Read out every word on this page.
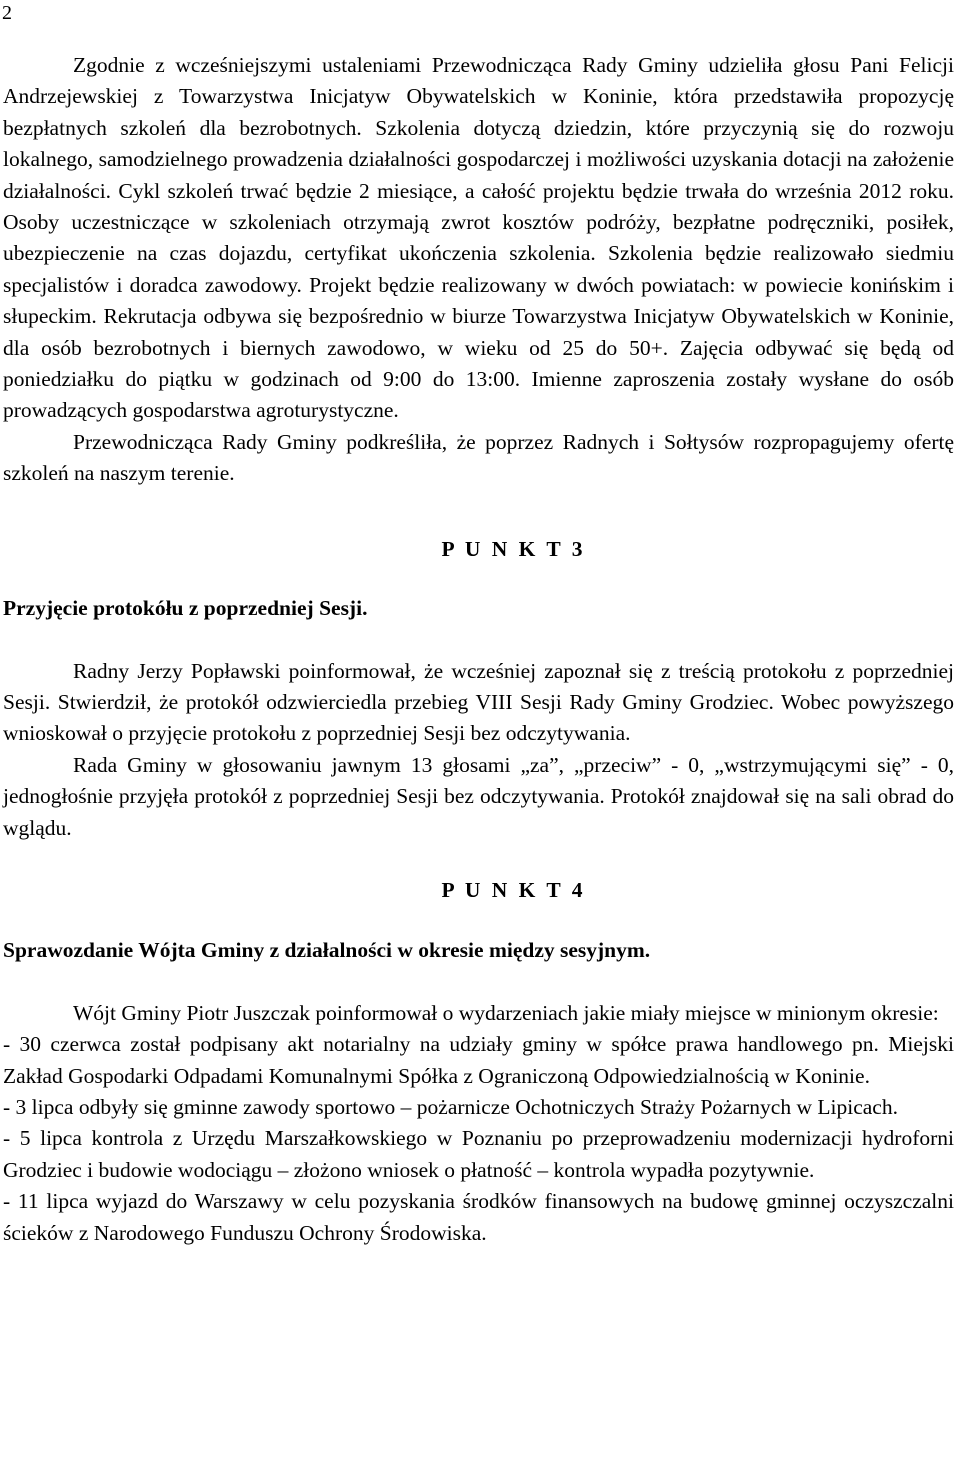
2

Zgodnie z wcześniejszymi ustaleniami Przewodnicząca Rady Gminy udzieliła głosu Pani Felicji Andrzejewskiej z Towarzystwa Inicjatyw Obywatelskich w Koninie, która przedstawiła propozycję bezpłatnych szkoleń dla bezrobotnych. Szkolenia dotyczą dziedzin, które przyczynią się do rozwoju lokalnego, samodzielnego prowadzenia działalności gospodarczej i możliwości uzyskania dotacji na założenie działalności. Cykl szkoleń trwać będzie 2 miesiące, a całość projektu będzie trwała do września 2012 roku. Osoby uczestniczące w szkoleniach otrzymają zwrot kosztów podróży, bezpłatne podręczniki, posiłek, ubezpieczenie na czas dojazdu, certyfikat ukończenia szkolenia. Szkolenia będzie realizowało siedmiu specjalistów i doradca zawodowy. Projekt będzie realizowany w dwóch powiatach: w powiecie konińskim i słupeckim. Rekrutacja odbywa się bezpośrednio w biurze Towarzystwa Inicjatyw Obywatelskich w Koninie, dla osób bezrobotnych i biernych zawodowo, w wieku od 25 do 50+. Zajęcia odbywać się będą od poniedziałku do piątku w godzinach od 9:00 do 13:00. Imienne zaproszenia zostały wysłane do osób prowadzących gospodarstwa agroturystyczne.

Przewodnicząca Rady Gminy podkreśliła, że poprzez Radnych i Sołtysów rozpropagujemy ofertę szkoleń na naszym terenie.

P U N K T 3

Przyjęcie protokółu z poprzedniej Sesji.

Radny Jerzy Popławski poinformował, że wcześniej zapoznał się z treścią protokołu z poprzedniej Sesji. Stwierdził, że protokół odzwierciedla przebieg VIII Sesji Rady Gminy Grodziec. Wobec powyższego wnioskował o przyjęcie protokołu z poprzedniej Sesji bez odczytywania.

Rada Gminy w głosowaniu jawnym 13 głosami „za”, „przeciw” - 0, „wstrzymującymi się” - 0, jednogłośnie przyjęła protokół z poprzedniej Sesji bez odczytywania. Protokół znajdował się na sali obrad do wglądu.

P U N K T 4

Sprawozdanie Wójta Gminy z działalności w okresie między sesyjnym.

Wójt Gminy Piotr Juszczak poinformował o wydarzeniach jakie miały miejsce w minionym okresie:

- 30 czerwca został podpisany akt notarialny na udziały gminy w spółce prawa handlowego pn. Miejski Zakład Gospodarki Odpadami Komunalnymi Spółka z Ograniczoną Odpowiedzialnością w Koninie.

- 3 lipca odbyły się gminne zawody sportowo – pożarnicze Ochotniczych Straży Pożarnych w Lipicach.

- 5 lipca kontrola z Urzędu Marszałkowskiego w Poznaniu po przeprowadzeniu modernizacji hydroforni Grodziec i budowie wodociągu – złożono wniosek o płatność – kontrola wypadła pozytywnie.

- 11 lipca wyjazd do Warszawy w celu pozyskania środków finansowych na budowę gminnej oczyszczalni ścieków z Narodowego Funduszu Ochrony Środowiska.
